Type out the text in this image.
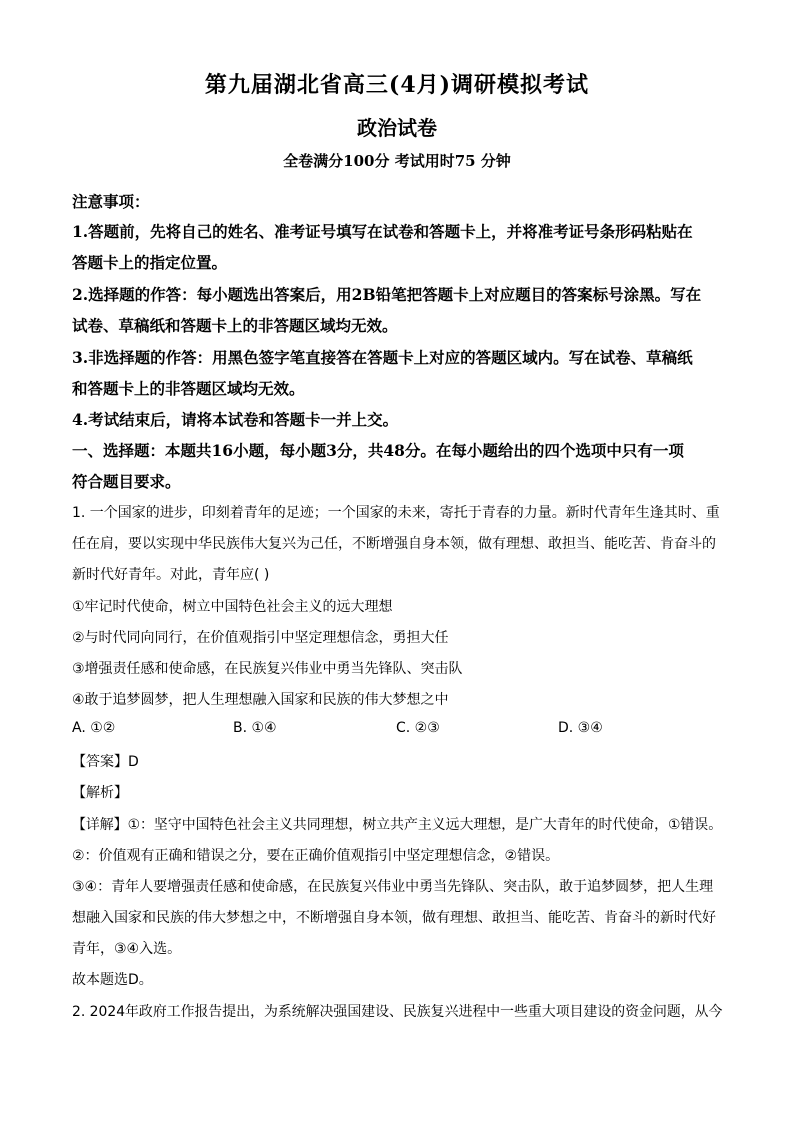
第九届湖北省高三(4月)调研模拟考试
政治试卷
全卷满分100分 考试用时75 分钟
注意事项：
1.答题前，先将自己的姓名、准考证号填写在试卷和答题卡上，并将准考证号条形码粘贴在
答题卡上的指定位置。
2.选择题的作答：每小题选出答案后，用2B铅笔把答题卡上对应题目的答案标号涂黑。写在
试卷、草稿纸和答题卡上的非答题区域均无效。
3.非选择题的作答：用黑色签字笔直接答在答题卡上对应的答题区域内。写在试卷、草稿纸
和答题卡上的非答题区域均无效。
4.考试结束后，请将本试卷和答题卡一并上交。
一、选择题：本题共16小题，每小题3分，共48分。在每小题给出的四个选项中只有一项
符合题目要求。
1. 一个国家的进步，印刻着青年的足迹；一个国家的未来，寄托于青春的力量。新时代青年生逢其时、重
任在肩，要以实现中华民族伟大复兴为己任，不断增强自身本领，做有理想、敢担当、能吃苦、肯奋斗的
新时代好青年。对此，青年应( )
①牢记时代使命，树立中国特色社会主义的远大理想
②与时代同向同行，在价值观指引中坚定理想信念，勇担大任
③增强责任感和使命感，在民族复兴伟业中勇当先锋队、突击队
④敢于追梦圆梦，把人生理想融入国家和民族的伟大梦想之中
A. ①②	B. ①④	C. ②③	D. ③④
【答案】D
【解析】
【详解】①：坚守中国特色社会主义共同理想，树立共产主义远大理想，是广大青年的时代使命，①错误。
②：价值观有正确和错误之分，要在正确价值观指引中坚定理想信念，②错误。
③④：青年人要增强责任感和使命感，在民族复兴伟业中勇当先锋队、突击队，敢于追梦圆梦，把人生理
想融入国家和民族的伟大梦想之中，不断增强自身本领，做有理想、敢担当、能吃苦、肯奋斗的新时代好
青年，③④入选。
故本题选D。
2. 2024年政府工作报告提出，为系统解决强国建设、民族复兴进程中一些重大项目建设的资金问题，从今
